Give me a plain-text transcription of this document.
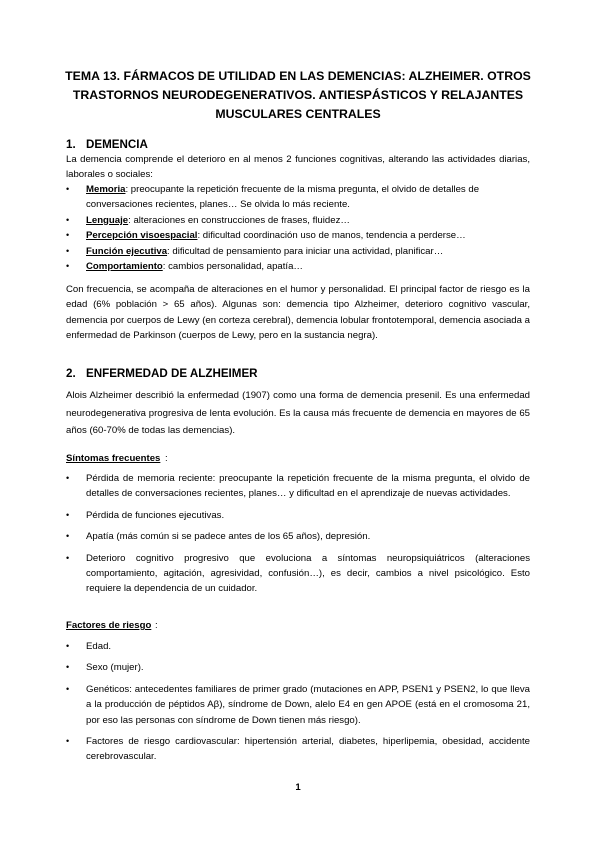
TEMA 13. FÁRMACOS DE UTILIDAD EN LAS DEMENCIAS: ALZHEIMER. OTROS TRASTORNOS NEURODEGENERATIVOS. ANTIESPÁSTICOS Y RELAJANTES MUSCULARES CENTRALES
1. DEMENCIA
La demencia comprende el deterioro en al menos 2 funciones cognitivas, alterando las actividades diarias, laborales o sociales:
• Memoria: preocupante la repetición frecuente de la misma pregunta, el olvido de detalles de conversaciones recientes, planes… Se olvida lo más reciente.
• Lenguaje: alteraciones en construcciones de frases, fluidez…
• Percepción visoespacial: dificultad coordinación uso de manos, tendencia a perderse…
• Función ejecutiva: dificultad de pensamiento para iniciar una actividad, planificar…
• Comportamiento: cambios personalidad, apatía…
Con frecuencia, se acompaña de alteraciones en el humor y personalidad. El principal factor de riesgo es la edad (6% población > 65 años). Algunas son: demencia tipo Alzheimer, deterioro cognitivo vascular, demencia por cuerpos de Lewy (en corteza cerebral), demencia lobular frontotemporal, demencia asociada a enfermedad de Parkinson (cuerpos de Lewy, pero en la sustancia negra).
2. ENFERMEDAD DE ALZHEIMER
Alois Alzheimer describió la enfermedad (1907) como una forma de demencia presenil. Es una enfermedad neurodegenerativa progresiva de lenta evolución. Es la causa más frecuente de demencia en mayores de 65 años (60-70% de todas las demencias).
Síntomas frecuentes :
• Pérdida de memoria reciente: preocupante la repetición frecuente de la misma pregunta, el olvido de detalles de conversaciones recientes, planes… y dificultad en el aprendizaje de nuevas actividades.
• Pérdida de funciones ejecutivas.
• Apatía (más común si se padece antes de los 65 años), depresión.
• Deterioro cognitivo progresivo que evoluciona a síntomas neuropsiquiátricos (alteraciones comportamiento, agitación, agresividad, confusión…), es decir, cambios a nivel psicológico. Esto requiere la dependencia de un cuidador.
Factores de riesgo :
• Edad.
• Sexo (mujer).
• Genéticos: antecedentes familiares de primer grado (mutaciones en APP, PSEN1 y PSEN2, lo que lleva a la producción de péptidos Aβ), síndrome de Down, alelo E4 en gen APOE (está en el cromosoma 21, por eso las personas con síndrome de Down tienen más riesgo).
• Factores de riesgo cardiovascular: hipertensión arterial, diabetes, hiperlipemia, obesidad, accidente cerebrovascular.
1
